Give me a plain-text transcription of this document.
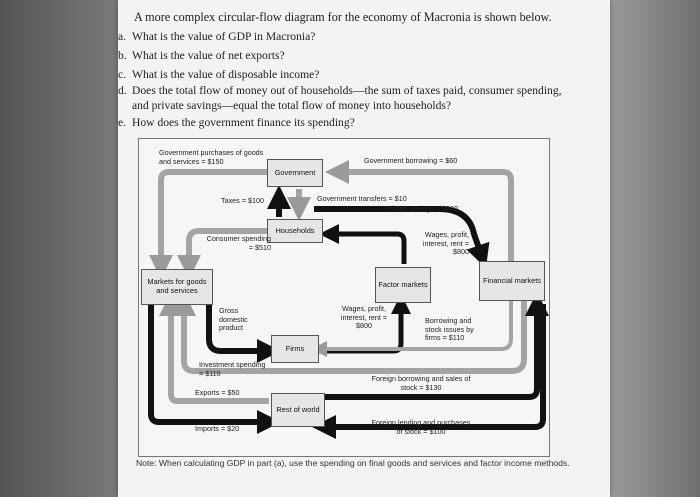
A more complex circular-flow diagram for the economy of Macronia is shown below.
a. What is the value of GDP in Macronia?
b. What is the value of net exports?
c. What is the value of disposable income?
d. Does the total flow of money out of households—the sum of taxes paid, consumer spending, and private savings—equal the total flow of money into households?
e. How does the government finance its spending?
Government
Households
Markets for goods and services
Factor markets	Financial markets
Firms
Rest of world
Government purchases of goods and services = $150	Government borrowing = $60
Taxes = $100	Government transfers = $10
Private savings = $200
Consumer spending = $510
Wages, profit, interest, rent = $800
Gross domestic product
Wages, profit, interest, rent = $800
Borrowing and stock issues by firms = $110
Investment spending = $110
Exports = $50
Foreign borrowing and sales of stock = $130
Imports = $20
Foreign lending and purchases of stock = $100
Note: When calculating GDP in part (a), use the spending on final goods and services and factor income methods.
